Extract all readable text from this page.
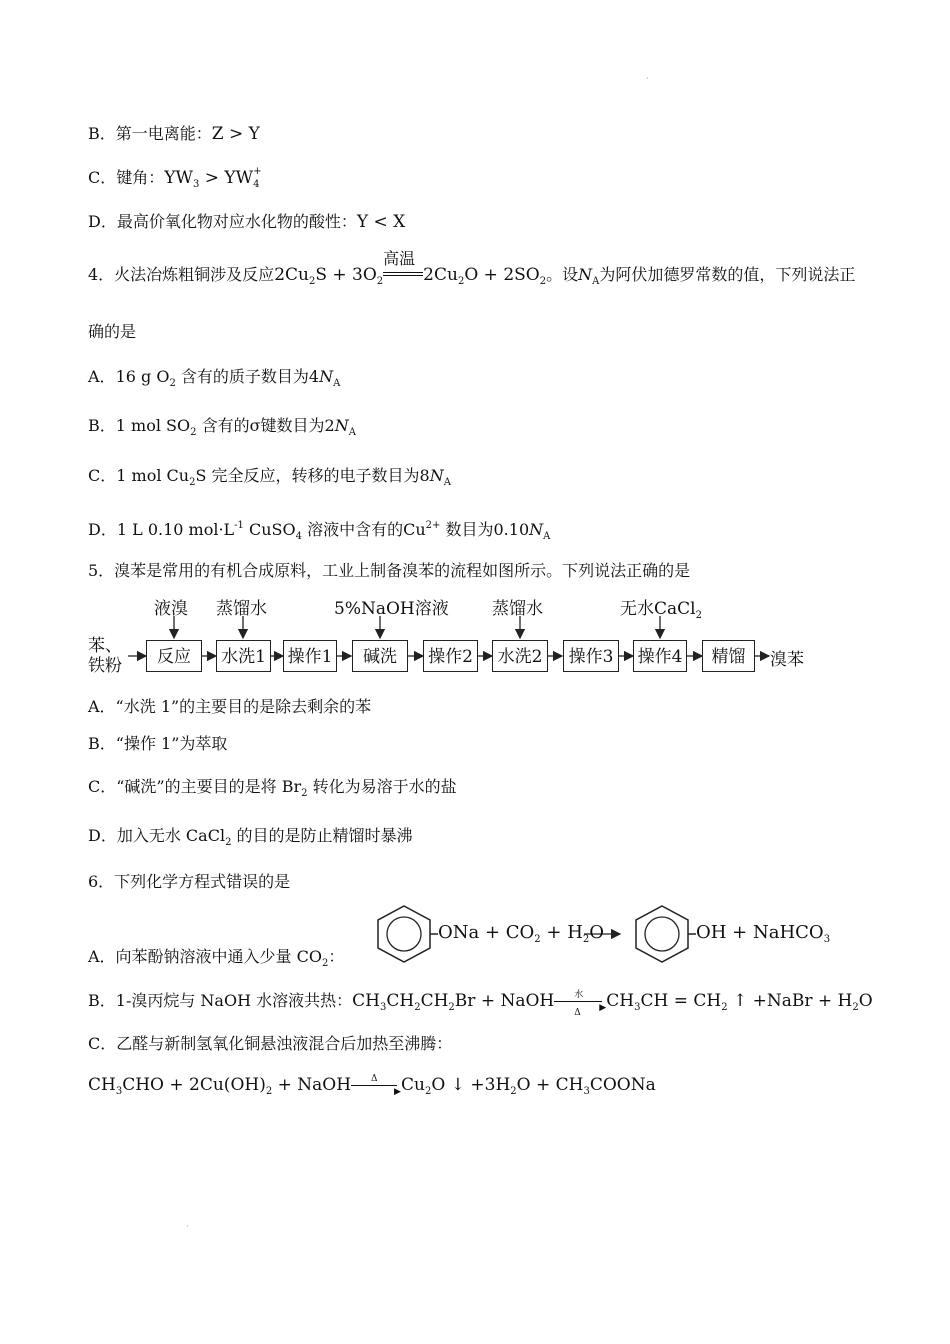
·
B．第一电离能：Z > Y
C．键角：$YW_3 > YW_4$
+
D．最高价氧化物对应水化物的酸性：Y < X
4．火法冶炼粗铜涉及反应$2Cu_2S + 3O_2$
高温
$2Cu_2O + 2SO_2$。设$N_A$为阿伏加德罗常数的值，下列说法正
确的是
A．16 g $O_2$ 含有的质子数目为$4N_A$
B．1 mol $SO_2$ 含有的σ键数目为$2N_A$
C．1 mol $Cu_2S$ 完全反应，转移的电子数目为$8N_A$
D．1 L 0.10 $mol\cdot L^{-1}$ CuSO$_4$ 溶液中含有的$Cu^{2+}$ 数目为$0.10N_A$
5．溴苯是常用的有机合成原料，工业上制备溴苯的流程如图所示。下列说法正确的是
苯、
铁粉	反应	水洗1 操作1	碱洗	操作2	水洗2	操作3	操作4	精馏
液溴 蒸馏水	5%NaOH溶液	蒸馏水	无水CaCl$_2$
溴苯
A．“水洗 1”的主要目的是除去剩余的苯
B．“操作 1”为萃取
C．“碱洗”的主要目的是将 $Br_2$ 转化为易溶于水的盐
D．加入无水 CaCl$_2$ 的目的是防止精馏时暴沸
6．下列化学方程式错误的是
ONa + $CO_2 + H_2O$	OH + NaHCO$_3$
A．向苯酚钠溶液中通入少量 $CO_2$：
B．1-溴丙烷与 NaOH 水溶液共热：$CH_3CH_2CH_2Br$ + NaOH 水
▶
Δ
$CH_3CH = CH_2$ ↑ +NaBr + $H_2O$
C．乙醛与新制氢氧化铜悬浊液混合后加热至沸腾：
$CH_3CHO + 2Cu(OH)_2$ + NaOH Δ
▶ $Cu_2O$ ↓ $+3H_2O$ + $CH_3COONa$
·
